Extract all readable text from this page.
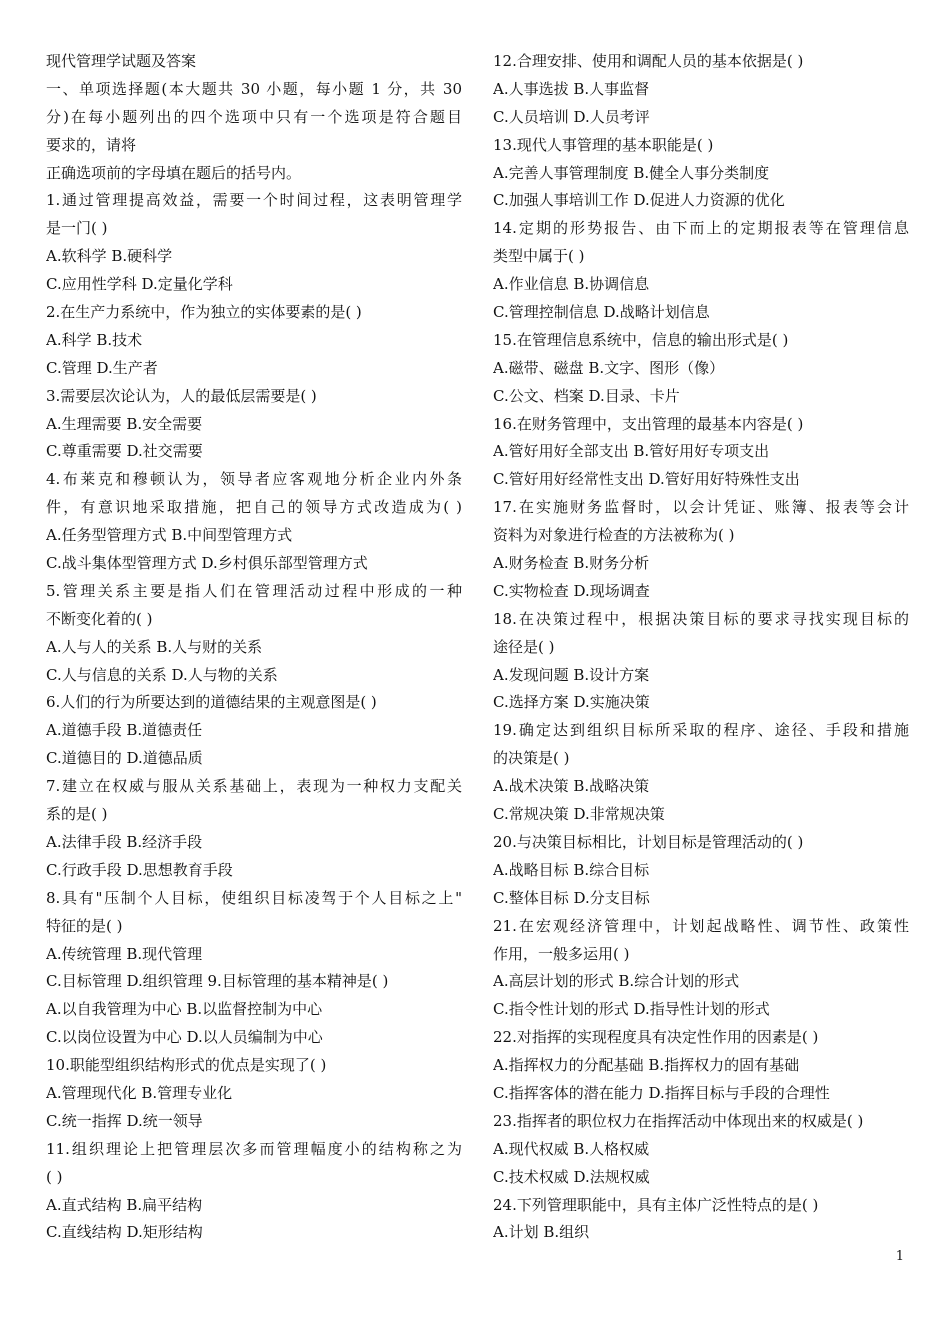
现代管理学试题及答案
一、单项选择题(本大题共 30 小题，每小题 1 分，共 30
分)在每小题列出的四个选项中只有一个选项是符合题目
要求的，请将
正确选项前的字母填在题后的括号内。
1.通过管理提高效益，需要一个时间过程，这表明管理学
是一门( )
A.软科学 B.硬科学
C.应用性学科 D.定量化学科
2.在生产力系统中，作为独立的实体要素的是( )
A.科学 B.技术
C.管理 D.生产者
3.需要层次论认为，人的最低层需要是( )
A.生理需要 B.安全需要
C.尊重需要 D.社交需要
4.布莱克和穆顿认为，领导者应客观地分析企业内外条
件，有意识地采取措施，把自己的领导方式改造成为( )
A.任务型管理方式 B.中间型管理方式
C.战斗集体型管理方式 D.乡村俱乐部型管理方式
5.管理关系主要是指人们在管理活动过程中形成的一种
不断变化着的( )
A.人与人的关系 B.人与财的关系
C.人与信息的关系 D.人与物的关系
6.人们的行为所要达到的道德结果的主观意图是( )
A.道德手段 B.道德责任
C.道德目的 D.道德品质
7.建立在权威与服从关系基础上，表现为一种权力支配关
系的是( )
A.法律手段 B.经济手段
C.行政手段 D.思想教育手段
8.具有"压制个人目标，使组织目标凌驾于个人目标之上"
特征的是( )
A.传统管理 B.现代管理
C.目标管理 D.组织管理 9.目标管理的基本精神是( )
A.以自我管理为中心 B.以监督控制为中心
C.以岗位设置为中心 D.以人员编制为中心
10.职能型组织结构形式的优点是实现了( )
A.管理现代化 B.管理专业化
C.统一指挥 D.统一领导
11.组织理论上把管理层次多而管理幅度小的结构称之为
( )
A.直式结构 B.扁平结构
C.直线结构 D.矩形结构
12.合理安排、使用和调配人员的基本依据是( )
A.人事选拔 B.人事监督
C.人员培训 D.人员考评
13.现代人事管理的基本职能是( )
A.完善人事管理制度 B.健全人事分类制度
C.加强人事培训工作 D.促进人力资源的优化
14.定期的形势报告、由下而上的定期报表等在管理信息
类型中属于( )
A.作业信息 B.协调信息
C.管理控制信息 D.战略计划信息
15.在管理信息系统中，信息的输出形式是( )
A.磁带、磁盘 B.文字、图形（像）
C.公文、档案 D.目录、卡片
16.在财务管理中，支出管理的最基本内容是( )
A.管好用好全部支出 B.管好用好专项支出
C.管好用好经常性支出 D.管好用好特殊性支出
17.在实施财务监督时，以会计凭证、账簿、报表等会计
资料为对象进行检查的方法被称为( )
A.财务检查 B.财务分析
C.实物检查 D.现场调查
18.在决策过程中，根据决策目标的要求寻找实现目标的
途径是( )
A.发现问题 B.设计方案
C.选择方案 D.实施决策
19.确定达到组织目标所采取的程序、途径、手段和措施
的决策是( )
A.战术决策 B.战略决策
C.常规决策 D.非常规决策
20.与决策目标相比，计划目标是管理活动的( )
A.战略目标 B.综合目标
C.整体目标 D.分支目标
21.在宏观经济管理中，计划起战略性、调节性、政策性
作用，一般多运用( )
A.高层计划的形式 B.综合计划的形式
C.指令性计划的形式 D.指导性计划的形式
22.对指挥的实现程度具有决定性作用的因素是( )
A.指挥权力的分配基础 B.指挥权力的固有基础
C.指挥客体的潜在能力 D.指挥目标与手段的合理性
23.指挥者的职位权力在指挥活动中体现出来的权威是( )
A.现代权威 B.人格权威
C.技术权威 D.法规权威
24.下列管理职能中，具有主体广泛性特点的是( )
A.计划 B.组织
1
